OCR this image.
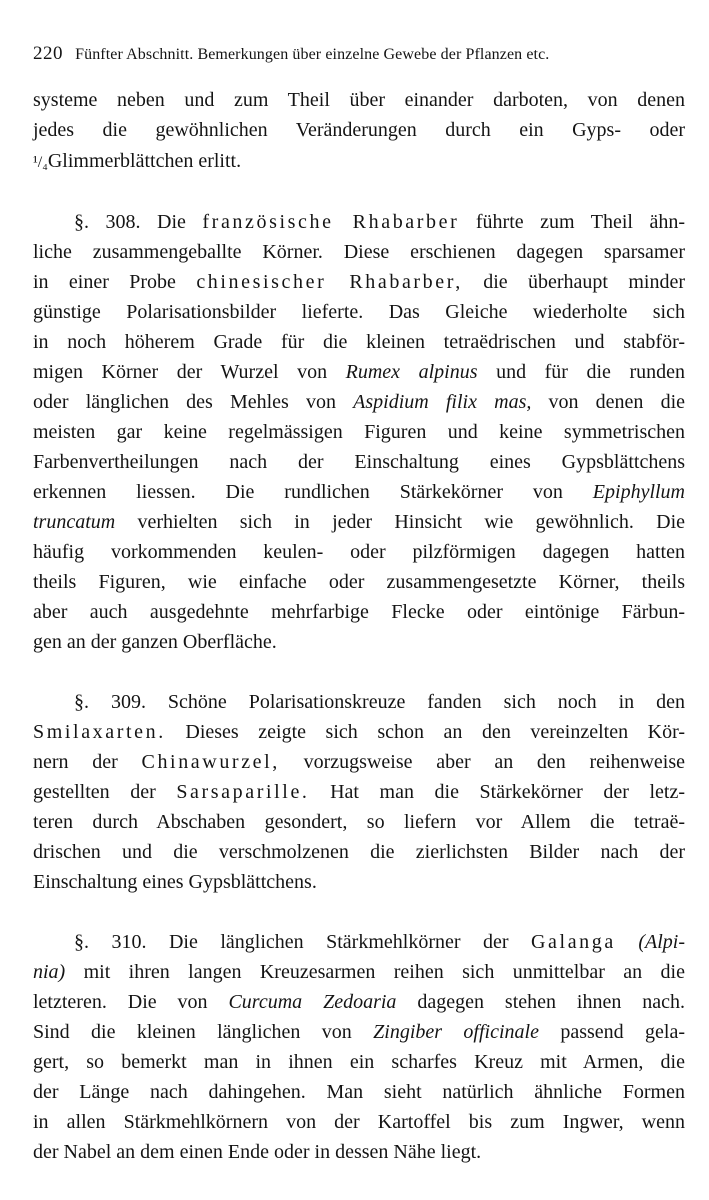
220 Fünfter Abschnitt. Bemerkungen über einzelne Gewebe der Pflanzen etc.
systeme neben und zum Theil über einander darboten, von denen
jedes die gewöhnlichen Veränderungen durch ein Gyps- oder
¹/₄Glimmerblättchen erlitt.
§. 308. Die französische Rhabarber führte zum Theil ähn-
liche zusammengeballte Körner. Diese erschienen dagegen sparsamer
in einer Probe chinesischer Rhabarber, die überhaupt minder
günstige Polarisationsbilder lieferte. Das Gleiche wiederholte sich
in noch höherem Grade für die kleinen tetraëdrischen und stabför-
migen Körner der Wurzel von Rumex alpinus und für die runden
oder länglichen des Mehles von Aspidium filix mas, von denen die
meisten gar keine regelmässigen Figuren und keine symmetrischen
Farbenvertheilungen nach der Einschaltung eines Gypsblättchens
erkennen liessen. Die rundlichen Stärkekörner von Epiphyllum
truncatum verhielten sich in jeder Hinsicht wie gewöhnlich. Die
häufig vorkommenden keulen- oder pilzförmigen dagegen hatten
theils Figuren, wie einfache oder zusammengesetzte Körner, theils
aber auch ausgedehnte mehrfarbige Flecke oder eintönige Färbun-
gen an der ganzen Oberfläche.
§. 309. Schöne Polarisationskreuze fanden sich noch in den
Smilaxarten. Dieses zeigte sich schon an den vereinzelten Kör-
nern der Chinawurzel, vorzugsweise aber an den reihenweise
gestellten der Sarsaparille. Hat man die Stärkekörner der letz-
teren durch Abschaben gesondert, so liefern vor Allem die tetraë-
drischen und die verschmolzenen die zierlichsten Bilder nach der
Einschaltung eines Gypsblättchens.
§. 310. Die länglichen Stärkmehlkörner der Galanga (Alpi-
nia) mit ihren langen Kreuzesarmen reihen sich unmittelbar an die
letzteren. Die von Curcuma Zedoaria dagegen stehen ihnen nach.
Sind die kleinen länglichen von Zingiber officinale passend gela-
gert, so bemerkt man in ihnen ein scharfes Kreuz mit Armen, die
der Länge nach dahingehen. Man sieht natürlich ähnliche Formen
in allen Stärkmehlkörnern von der Kartoffel bis zum Ingwer, wenn
der Nabel an dem einen Ende oder in dessen Nähe liegt.
